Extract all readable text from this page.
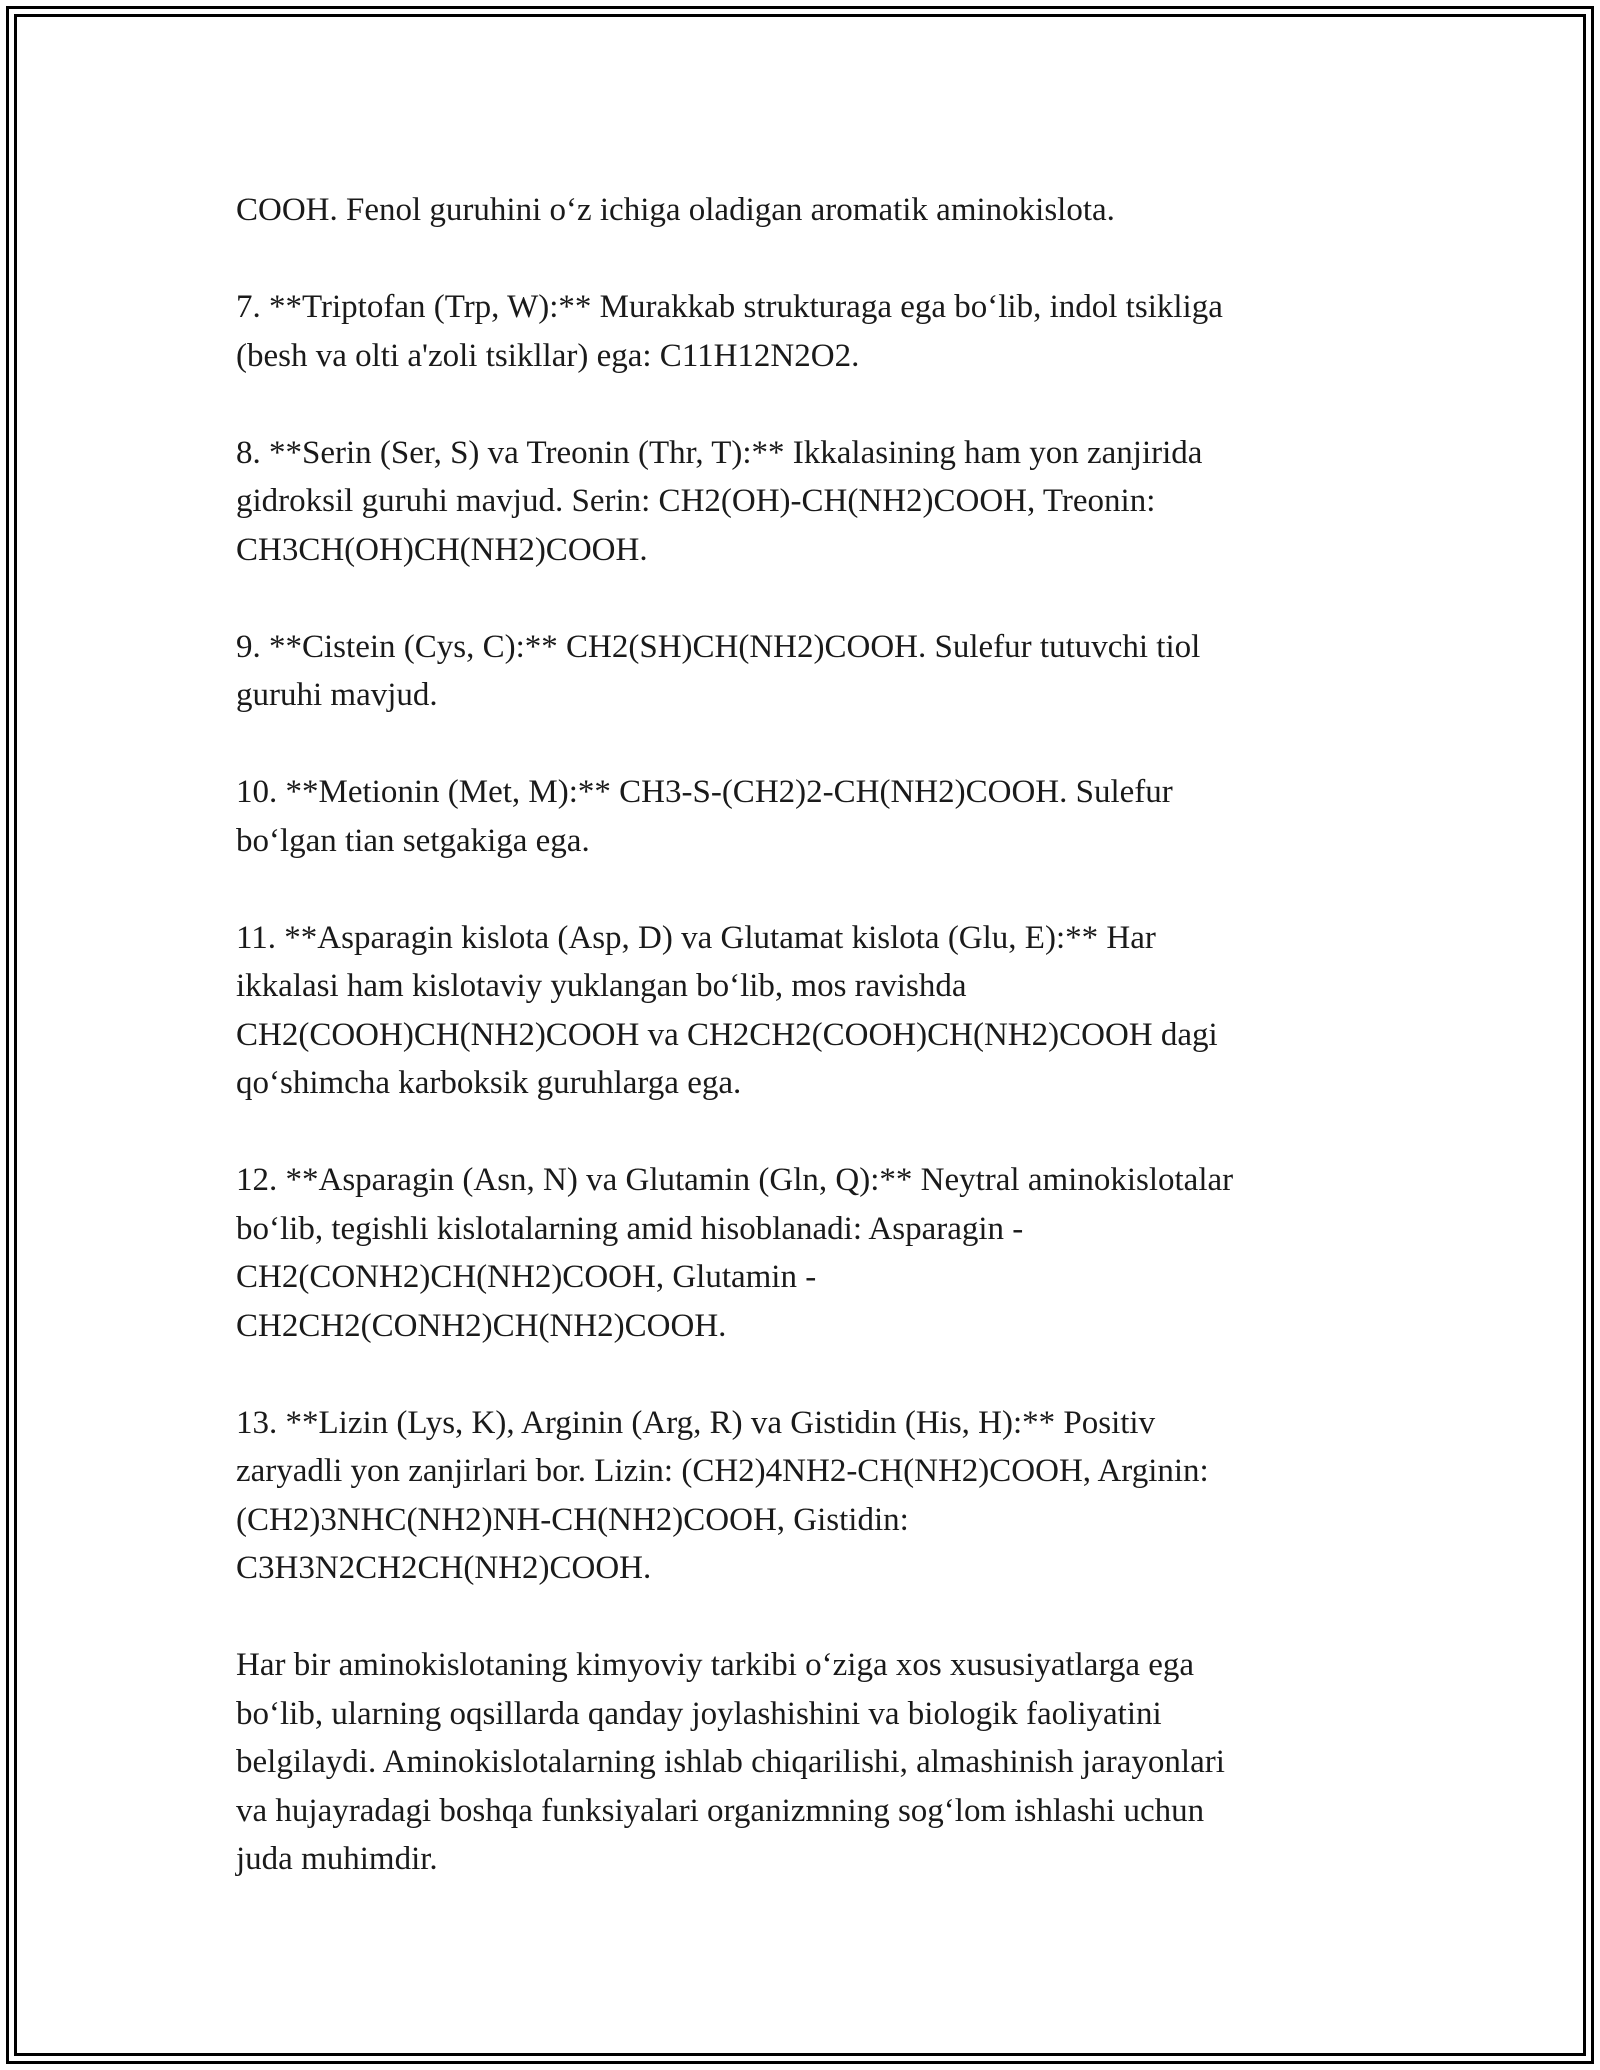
COOH. Fenol guruhini o‘z ichiga oladigan aromatik aminokislota.

7. **Triptofan (Trp, W):** Murakkab strukturaga ega bo‘lib, indol tsikliga
(besh va olti a'zoli tsikllar) ega: C11H12N2O2.

8. **Serin (Ser, S) va Treonin (Thr, T):** Ikkalasining ham yon zanjirida
gidroksil guruhi mavjud. Serin: CH2(OH)-CH(NH2)COOH, Treonin:
CH3CH(OH)CH(NH2)COOH.

9. **Cistein (Cys, C):** CH2(SH)CH(NH2)COOH. Sulefur tutuvchi tiol
guruhi mavjud.

10. **Metionin (Met, M):** CH3-S-(CH2)2-CH(NH2)COOH. Sulefur
bo‘lgan tian setgakiga ega.

11. **Asparagin kislota (Asp, D) va Glutamat kislota (Glu, E):** Har
ikkalasi ham kislotaviy yuklangan bo‘lib, mos ravishda
CH2(COOH)CH(NH2)COOH va CH2CH2(COOH)CH(NH2)COOH dagi
qo‘shimcha karboksik guruhlarga ega.

12. **Asparagin (Asn, N) va Glutamin (Gln, Q):** Neytral aminokislotalar
bo‘lib, tegishli kislotalarning amid hisoblanadi: Asparagin -
CH2(CONH2)CH(NH2)COOH, Glutamin -
CH2CH2(CONH2)CH(NH2)COOH.

13. **Lizin (Lys, K), Arginin (Arg, R) va Gistidin (His, H):** Positiv
zaryadli yon zanjirlari bor. Lizin: (CH2)4NH2-CH(NH2)COOH, Arginin:
(CH2)3NHC(NH2)NH-CH(NH2)COOH, Gistidin:
C3H3N2CH2CH(NH2)COOH.

Har bir aminokislotaning kimyoviy tarkibi o‘ziga xos xususiyatlarga ega
bo‘lib, ularning oqsillarda qanday joylashishini va biologik faoliyatini
belgilaydi. Aminokislotalarning ishlab chiqarilishi, almashinish jarayonlari
va hujayradagi boshqa funksiyalari organizmning sog‘lom ishlashi uchun
juda muhimdir.
